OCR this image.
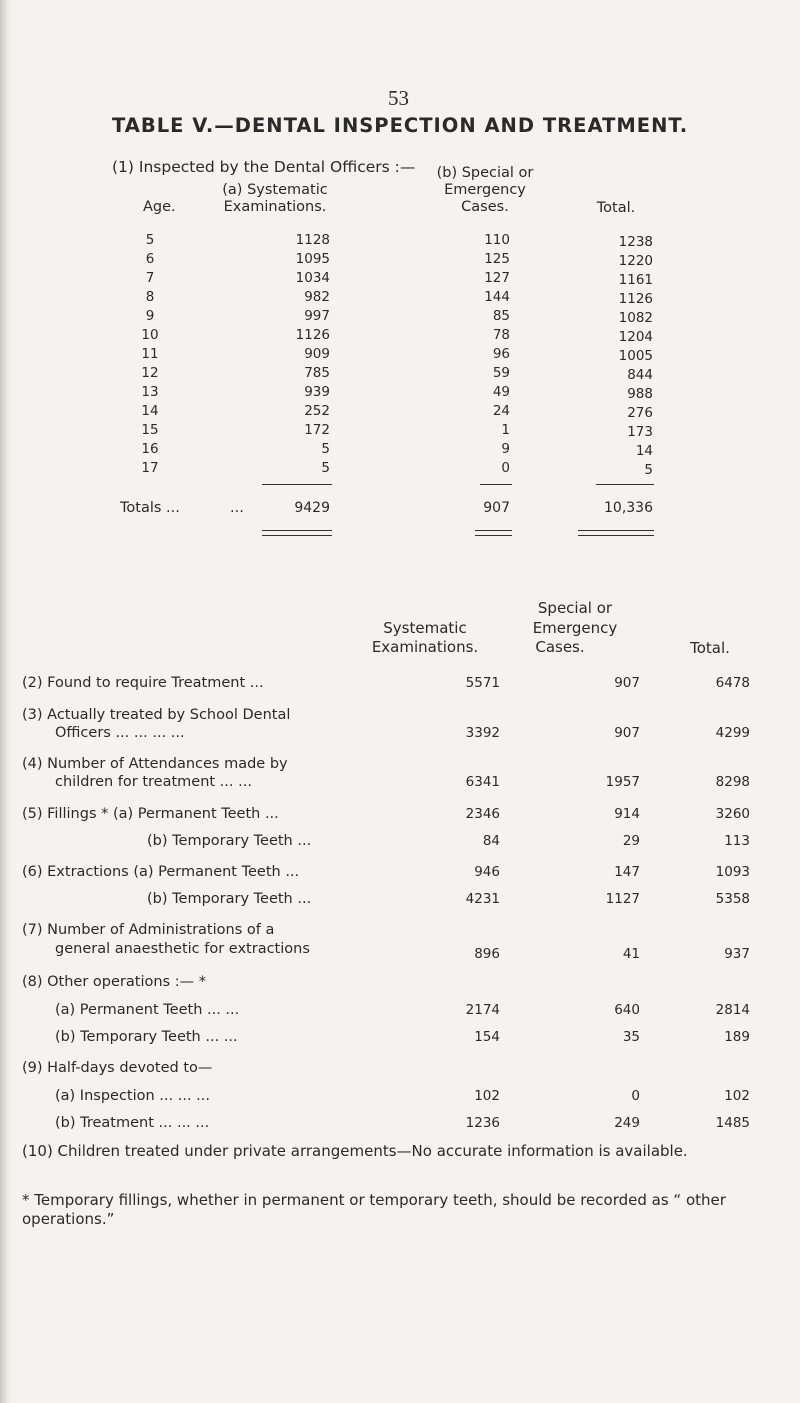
53
TABLE V.—DENTAL INSPECTION AND TREATMENT.
(1) Inspected by the Dental Officers :—
Age.
(a) Systematic
Examinations.
(b) Special or
Emergency
Cases.	Total.
5	1128	110	1238
6	1095	125	1220
7	1034	127	1161
8	982	144	1126
9	997	85	1082
10	1126	78	1204
11	909	96	1005
12	785	59	844
13	939	49	988
14	252	24	276
15	172	1	173
16	5	9	14
17	5	0	5
Totals ...	...	9429	907	10,336
Systematic
Examinations.
Special or
Emergency
Cases.	Total.
(2) Found to require Treatment ...	5571	907	6478
(3) Actually treated by School Dental
Officers ... ... ... ...	3392	907	4299
(4) Number of Attendances made by
children for treatment ... ...	6341	1957	8298
(5) Fillings * (a) Permanent Teeth ...	2346	914	3260
(b) Temporary Teeth ...	84	29	113
(6) Extractions (a) Permanent Teeth ...	946	147	1093
(b) Temporary Teeth ...	4231	1127	5358
(7) Number of Administrations of a
general anaesthetic for extractions	896	41	937
(8) Other operations :— *
(a) Permanent Teeth ... ...	2174	640	2814
(b) Temporary Teeth ... ...	154	35	189
(9) Half-days devoted to—
(a) Inspection ... ... ...	102	0	102
(b) Treatment ... ... ...	1236	249	1485
(10) Children treated under private arrangements—No accurate information is available.
* Temporary fillings, whether in permanent or temporary teeth, should be recorded as “ other operations.”
